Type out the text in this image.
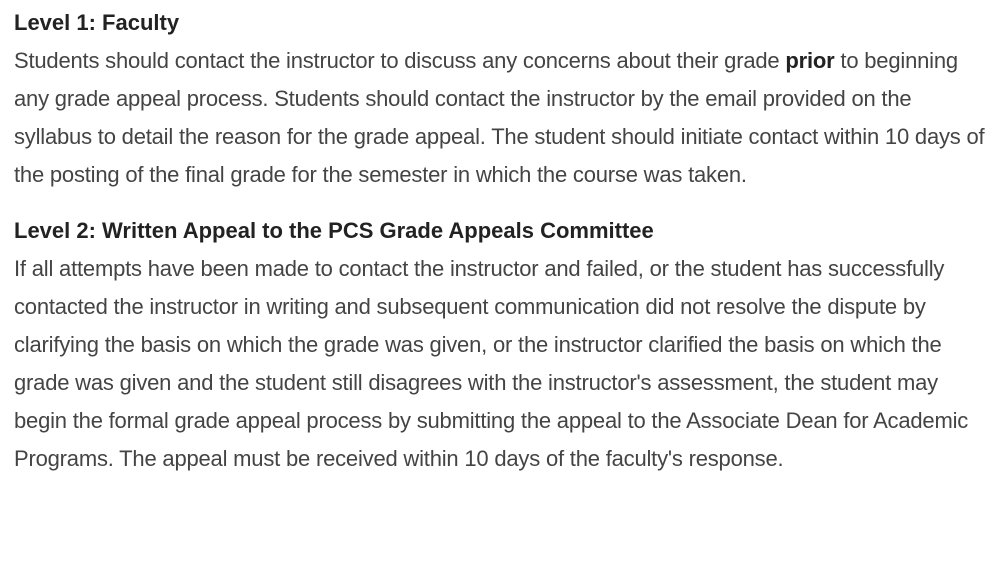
Level 1: Faculty

Students should contact the instructor to discuss any concerns about their grade prior to beginning any grade appeal process. Students should contact the instructor by the email provided on the syllabus to detail the reason for the grade appeal. The student should initiate contact within 10 days of the posting of the final grade for the semester in which the course was taken.

Level 2: Written Appeal to the PCS Grade Appeals Committee

If all attempts have been made to contact the instructor and failed, or the student has successfully contacted the instructor in writing and subsequent communication did not resolve the dispute by clarifying the basis on which the grade was given, or the instructor clarified the basis on which the grade was given and the student still disagrees with the instructor's assessment, the student may begin the formal grade appeal process by submitting the appeal to the Associate Dean for Academic Programs. The appeal must be received within 10 days of the faculty's response.
